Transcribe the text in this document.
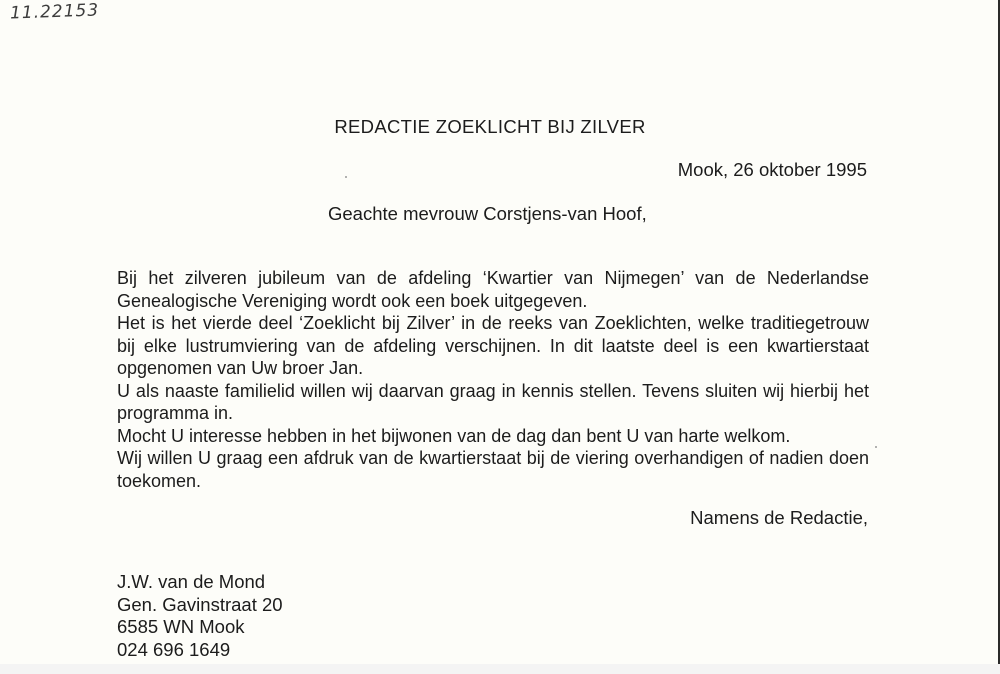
11.22153
REDACTIE ZOEKLICHT BIJ ZILVER
Mook, 26 oktober 1995
Geachte mevrouw Corstjens-van Hoof,

Bij het zilveren jubileum van de afdeling ‘Kwartier van Nijmegen’ van de Nederlandse Genealogische Vereniging wordt ook een boek uitgegeven.

Het is het vierde deel ‘Zoeklicht bij Zilver’ in de reeks van Zoeklichten, welke traditiegetrouw bij elke lustrumviering van de afdeling verschijnen. In dit laatste deel is een kwartierstaat opgenomen van Uw broer Jan.

U als naaste familielid willen wij daarvan graag in kennis stellen. Tevens sluiten wij hierbij het programma in.

Mocht U interesse hebben in het bijwonen van de dag dan bent U van harte welkom.

Wij willen U graag een afdruk van de kwartierstaat bij de viering overhandigen of nadien doen toekomen.

Namens de Redactie,
J.W. van de Mond
Gen. Gavinstraat 20
6585 WN Mook
024 696 1649
